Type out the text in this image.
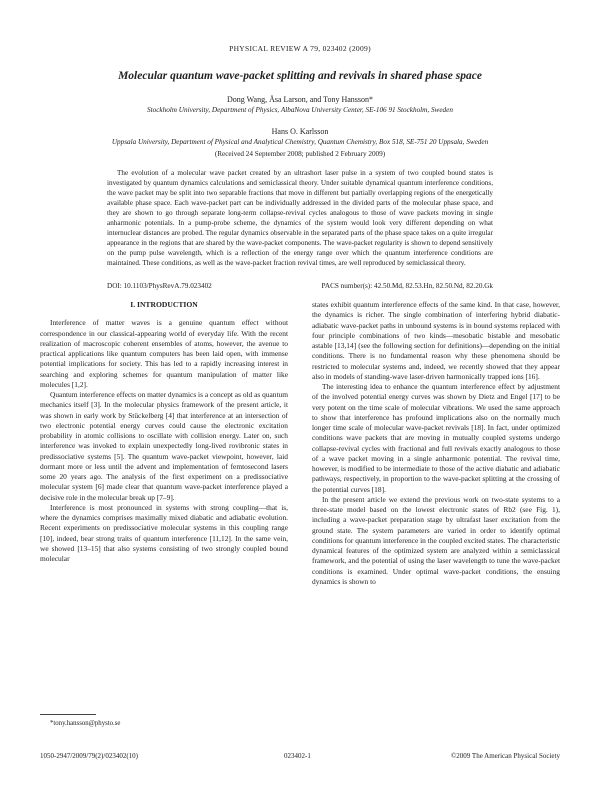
PHYSICAL REVIEW A 79, 023402 (2009)
Molecular quantum wave-packet splitting and revivals in shared phase space
Dong Wang, Åsa Larson, and Tony Hansson*
Stockholm University, Department of Physics, AlbaNova University Center, SE-106 91 Stockholm, Sweden
Hans O. Karlsson
Uppsala University, Department of Physical and Analytical Chemistry, Quantum Chemistry, Box 518, SE-751 20 Uppsala, Sweden
(Received 24 September 2008; published 2 February 2009)
The evolution of a molecular wave packet created by an ultrashort laser pulse in a system of two coupled bound states is investigated by quantum dynamics calculations and semiclassical theory. Under suitable dynamical quantum interference conditions, the wave packet may be split into two separable fractions that move in different but partially overlapping regions of the energetically available phase space. Each wave-packet part can be individually addressed in the divided parts of the molecular phase space, and they are shown to go through separate long-term collapse-revival cycles analogous to those of wave packets moving in single anharmonic potentials. In a pump-probe scheme, the dynamics of the system would look very different depending on what internuclear distances are probed. The regular dynamics observable in the separated parts of the phase space takes on a quite irregular appearance in the regions that are shared by the wave-packet components. The wave-packet regularity is shown to depend sensitively on the pump pulse wavelength, which is a reflection of the energy range over which the quantum interference conditions are maintained. These conditions, as well as the wave-packet fraction revival times, are well reproduced by semiclassical theory.
DOI: 10.1103/PhysRevA.79.023402	PACS number(s): 42.50.Md, 82.53.Hn, 82.50.Nd, 82.20.Gk
I. INTRODUCTION

Interference of matter waves is a genuine quantum effect without correspondence in our classical-appearing world of everyday life. With the recent realization of macroscopic coherent ensembles of atoms, however, the avenue to practical applications like quantum computers has been laid open, with immense potential implications for society. This has led to a rapidly increasing interest in searching and exploring schemes for quantum manipulation of matter like molecules [1,2].

Quantum interference effects on matter dynamics is a concept as old as quantum mechanics itself [3]. In the molecular physics framework of the present article, it was shown in early work by Stückelberg [4] that interference at an intersection of two electronic potential energy curves could cause the electronic excitation probability in atomic collisions to oscillate with collision energy. Later on, such interference was invoked to explain unexpectedly long-lived rovibronic states in predissociative systems [5]. The quantum wave-packet viewpoint, however, laid dormant more or less until the advent and implementation of femtosecond lasers some 20 years ago. The analysis of the first experiment on a predissociative molecular system [6] made clear that quantum wave-packet interference played a decisive role in the molecular break up [7–9].

Interference is most pronounced in systems with strong coupling—that is, where the dynamics comprises maximally mixed diabatic and adiabatic evolution. Recent experiments on predissociative molecular systems in this coupling range [10], indeed, bear strong traits of quantum interference [11,12]. In the same vein, we showed [13–15] that also systems consisting of two strongly coupled bound molecular

states exhibit quantum interference effects of the same kind. In that case, however, the dynamics is richer. The single combination of interfering hybrid diabatic-adiabatic wave-packet paths in unbound systems is in bound systems replaced with four principle combinations of two kinds—mesobatic bistable and mesobatic astable [13,14] (see the following section for definitions)—depending on the initial conditions. There is no fundamental reason why these phenomena should be restricted to molecular systems and, indeed, we recently showed that they appear also in models of standing-wave laser-driven harmonically trapped ions [16].

The interesting idea to enhance the quantum interference effect by adjustment of the involved potential energy curves was shown by Dietz and Engel [17] to be very potent on the time scale of molecular vibrations. We used the same approach to show that interference has profound implications also on the normally much longer time scale of molecular wave-packet revivals [18]. In fact, under optimized conditions wave packets that are moving in mutually coupled systems undergo collapse-revival cycles with fractional and full revivals exactly analogous to those of a wave packet moving in a single anharmonic potential. The revival time, however, is modified to be intermediate to those of the active diabatic and adiabatic pathways, respectively, in proportion to the wave-packet splitting at the crossing of the potential curves [18].

In the present article we extend the previous work on two-state systems to a three-state model based on the lowest electronic states of Rb2 (see Fig. 1), including a wave-packet preparation stage by ultrafast laser excitation from the ground state. The system parameters are varied in order to identify optimal conditions for quantum interference in the coupled excited states. The characteristic dynamical features of the optimized system are analyzed within a semiclassical framework, and the potential of using the laser wavelength to tune the wave-packet conditions is examined. Under optimal wave-packet conditions, the ensuing dynamics is shown to

*tony.hansson@physto.se
1050-2947/2009/79(2)/023402(10)	023402-1	©2009 The American Physical Society
